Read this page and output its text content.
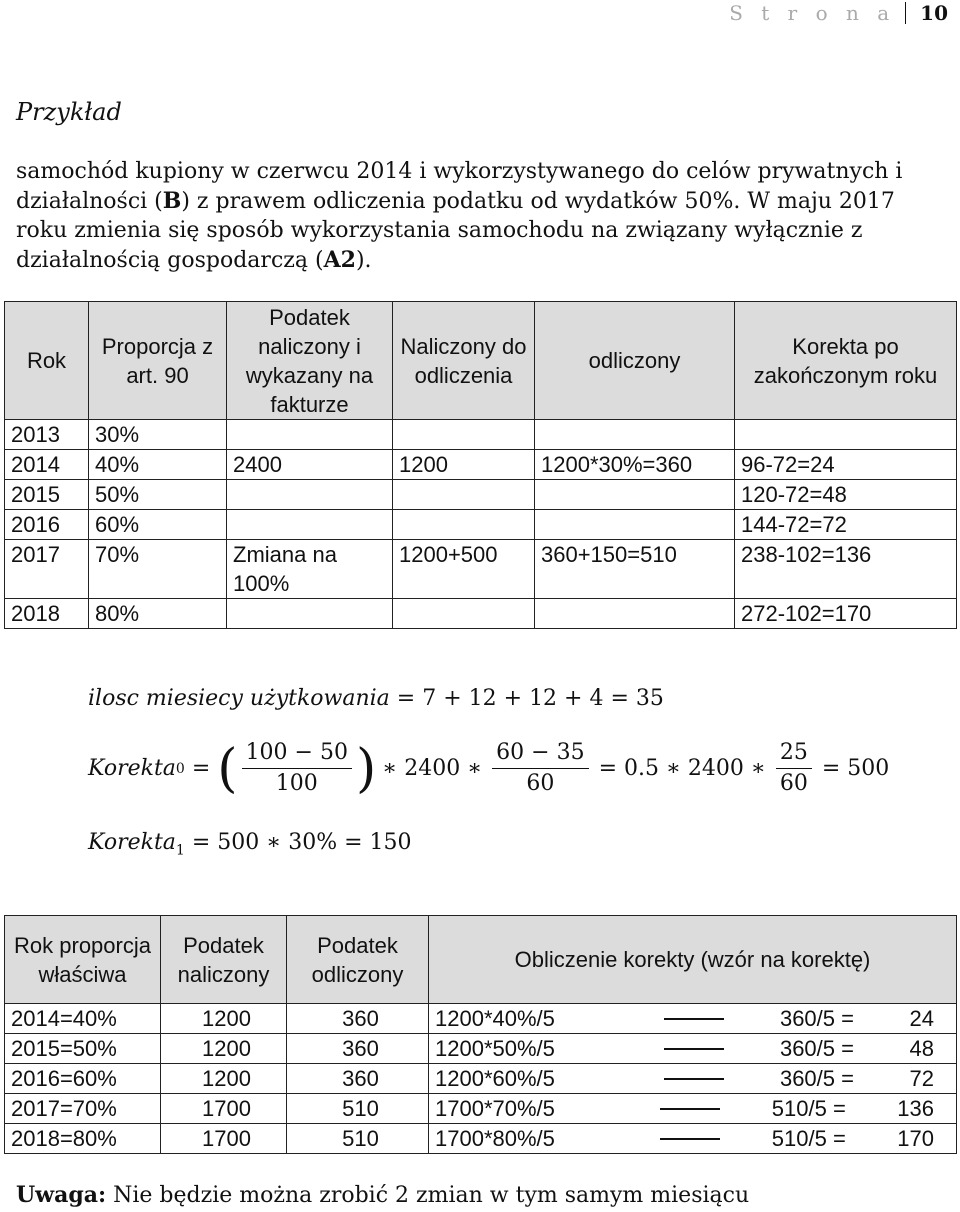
S t r o n a	10
Przykład
samochód kupiony w czerwcu 2014 i wykorzystywanego do celów prywatnych i działalności (B) z prawem odliczenia podatku od wydatków 50%. W maju 2017 roku zmienia się sposób wykorzystania samochodu na związany wyłącznie z działalnością gospodarczą (A2).
Rok	Proporcja z art. 90	Podatek naliczony i wykazany na fakturze	Naliczony do odliczenia	odliczony	Korekta po zakończonym roku
2013	30%				
2014	40%	2400	1200	1200*30%=360	96-72=24
2015	50%				120-72=48
2016	60%				144-72=72
2017	70%	Zmiana na 100%	1200+500	360+150=510	238-102=136
2018	80%				272-102=170
ilosc miesiecy użytkowania = 7 + 12 + 12 + 4 = 35
Korekta 0 = ( $\frac{100 - 50}{100}$ ) ∗ 2400 ∗ $\frac{60 - 35}{60} = 0.5$ ∗ 2400 ∗ $\frac{25}{60} = 500$
Korekta$_1$ = 500 ∗ 30% = 150
Rok proporcja właściwa	Podatek naliczony	Podatek odliczony	Obliczenie korekty (wzór na korektę)
2014=40%	1200	360	1200*40%/5 360/5 = 24

2015=50%	1200	360	1200*50%/5 360/5 = 48

2016=60%	1200	360	1200*60%/5 360/5 = 72

2017=70%	1700	510	1700*70%/5 510/5 = 136

2018=80%	1700	510	1700*80%/5 510/5 = 170
Uwaga: Nie będzie można zrobić 2 zmian w tym samym miesiącu
